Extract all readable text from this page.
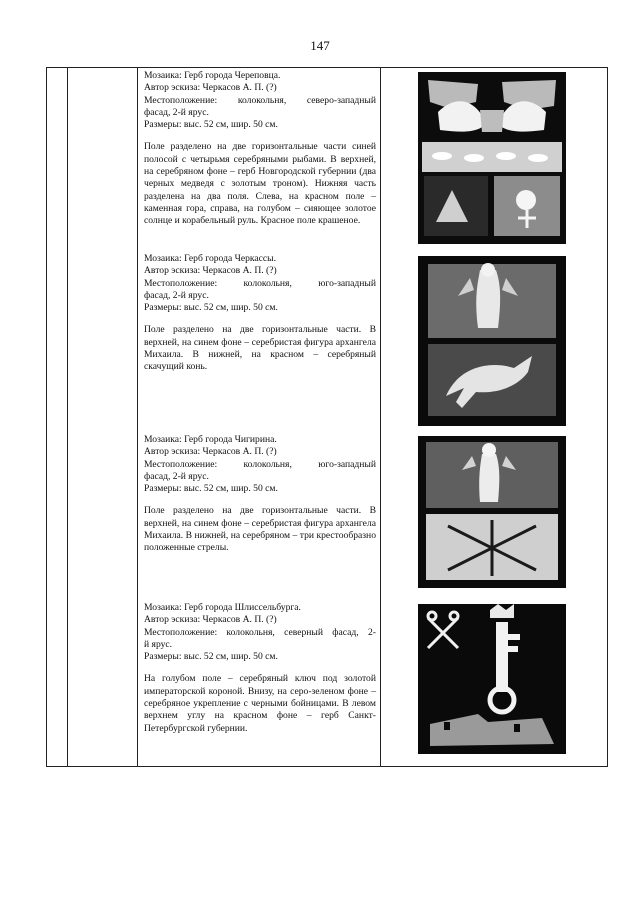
147

Мозаика: Герб города Череповца.

Автор эскиза: Черкасов А. П. (?)

Местоположение: колокольня, северо-западный

фасад, 2-й ярус.

Размеры: выс. 52 см, шир. 50 см.

Поле разделено на две горизонтальные части синей полосой с четырьмя серебряными рыбами. В верхней, на серебряном фоне – герб Новгородской губернии (два черных медведя с золотым троном). Нижняя часть разделена на два поля. Слева, на красном поле – каменная гора, справа, на голубом – сияющее золотое солнце и корабельный руль. Красное поле крашеное.

Мозаика: Герб города Черкассы.

Автор эскиза: Черкасов А. П. (?)

Местоположение: колокольня, юго-западный

фасад, 2-й ярус.

Размеры: выс. 52 см, шир. 50 см.

Поле разделено на две горизонтальные части. В верхней, на синем фоне – серебристая фигура архангела Михаила. В нижней, на красном – серебряный скачущий конь.

Мозаика: Герб города Чигирина.

Автор эскиза: Черкасов А. П. (?)

Местоположение: колокольня, юго-западный

фасад, 2-й ярус.

Размеры: выс. 52 см, шир. 50 см.

Поле разделено на две горизонтальные части. В верхней, на синем фоне – серебристая фигура архангела Михаила. В нижней, на серебряном – три крестообразно положенные стрелы.

Мозаика: Герб города Шлиссельбурга.

Автор эскиза: Черкасов А. П. (?)

Местоположение: колокольня, северный фасад, 2-

й ярус.

Размеры: выс. 52 см, шир. 50 см.

На голубом поле – серебряный ключ под золотой императорской короной. Внизу, на серо-зеленом фоне – серебряное укрепление с черными бойницами. В левом верхнем углу на красном фоне – герб Санкт-Петербургской губернии.
